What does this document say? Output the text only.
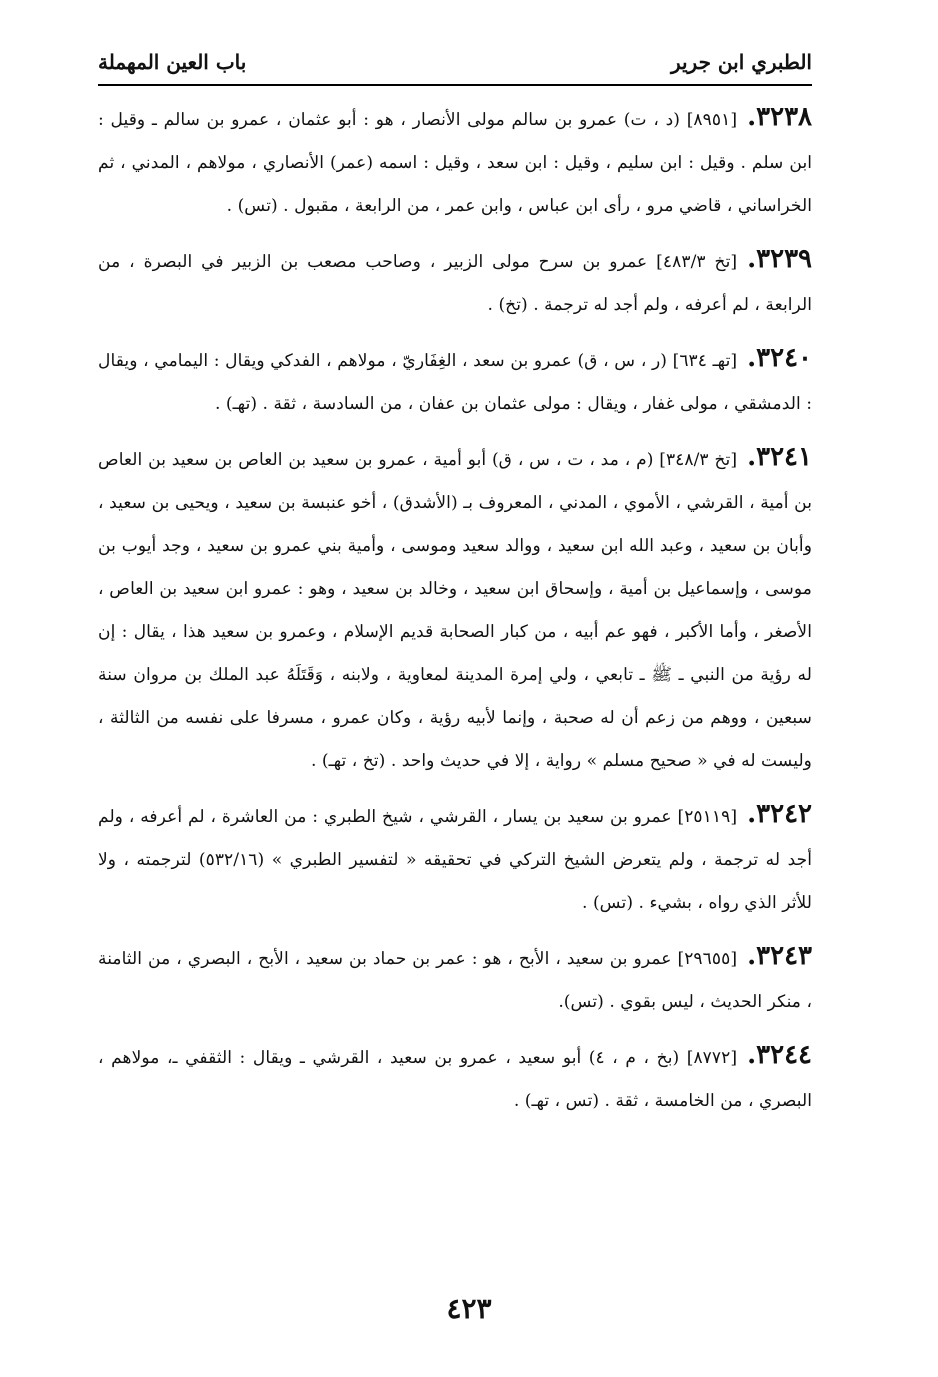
الطبري ابن جرير
باب العين المهملة

٣٢٣٨.[٨٩٥١] (د ، ت) عمرو بن سالم مولى الأنصار ، هو : أبو عثمان ، عمرو بن سالم ـ وقيل : ابن سلم . وقيل : ابن سليم ، وقيل : ابن سعد ، وقيل : اسمه (عمر) الأنصاري ، مولاهم ، المدني ، ثم الخراساني ، قاضي مرو ، رأى ابن عباس ، وابن عمر ، من الرابعة ، مقبول . (تس) .

٣٢٣٩.[تخ ٤٨٣/٣] عمرو بن سرح مولى الزبير ، وصاحب مصعب بن الزبير في البصرة ، من الرابعة ، لم أعرفه ، ولم أجد له ترجمة . (تخ) .

٣٢٤٠.[تهـ ٦٣٤] (ر ، س ، ق) عمرو بن سعد ، الغِفَاريّ ، مولاهم ، الفدكي ويقال : اليمامي ، ويقال : الدمشقي ، مولى غفار ، ويقال : مولى عثمان بن عفان ، من السادسة ، ثقة . (تهـ) .

٣٢٤١.[تخ ٣٤٨/٣] (م ، مد ، ت ، س ، ق) أبو أمية ، عمرو بن سعيد بن العاص بن سعيد بن العاص بن أمية ، القرشي ، الأموي ، المدني ، المعروف بـ (الأشدق) ، أخو عنبسة بن سعيد ، ويحيى بن سعيد ، وأبان بن سعيد ، وعبد الله ابن سعيد ، ووالد سعيد وموسى ، وأمية بني عمرو بن سعيد ، وجد أيوب بن موسى ، وإسماعيل بن أمية ، وإسحاق ابن سعيد ، وخالد بن سعيد ، وهو : عمرو ابن سعيد بن العاص ، الأصغر ، وأما الأكبر ، فهو عم أبيه ، من كبار الصحابة قديم الإسلام ، وعمرو بن سعيد هذا ، يقال : إن له رؤية من النبي ـ ﷺ ـ تابعي ، ولي إمرة المدينة لمعاوية ، ولابنه ، وَقَتَلَهُ عبد الملك بن مروان سنة سبعين ، ووهم من زعم أن له صحبة ، وإنما لأبيه رؤية ، وكان عمرو ، مسرفا على نفسه من الثالثة ، وليست له في « صحيح مسلم » رواية ، إلا في حديث واحد . (تخ ، تهـ) .

٣٢٤٢.[٢٥١١٩] عمرو بن سعيد بن يسار ، القرشي ، شيخ الطبري : من العاشرة ، لم أعرفه ، ولم أجد له ترجمة ، ولم يتعرض الشيخ التركي في تحقيقه « لتفسير الطبري » (٥٣٢/١٦) لترجمته ، ولا للأثر الذي رواه ، بشيء . (تس) .

٣٢٤٣.[٢٩٦٥٥] عمرو بن سعيد ، الأبح ، هو : عمر بن حماد بن سعيد ، الأبح ، البصري ، من الثامنة ، منكر الحديث ، ليس بقوي . (تس).

٣٢٤٤.[٨٧٧٢] (بخ ، م ، ٤) أبو سعيد ، عمرو بن سعيد ، القرشي ـ ويقال : الثقفي ـ، مولاهم ، البصري ، من الخامسة ، ثقة . (تس ، تهـ) .

٤٢٣
